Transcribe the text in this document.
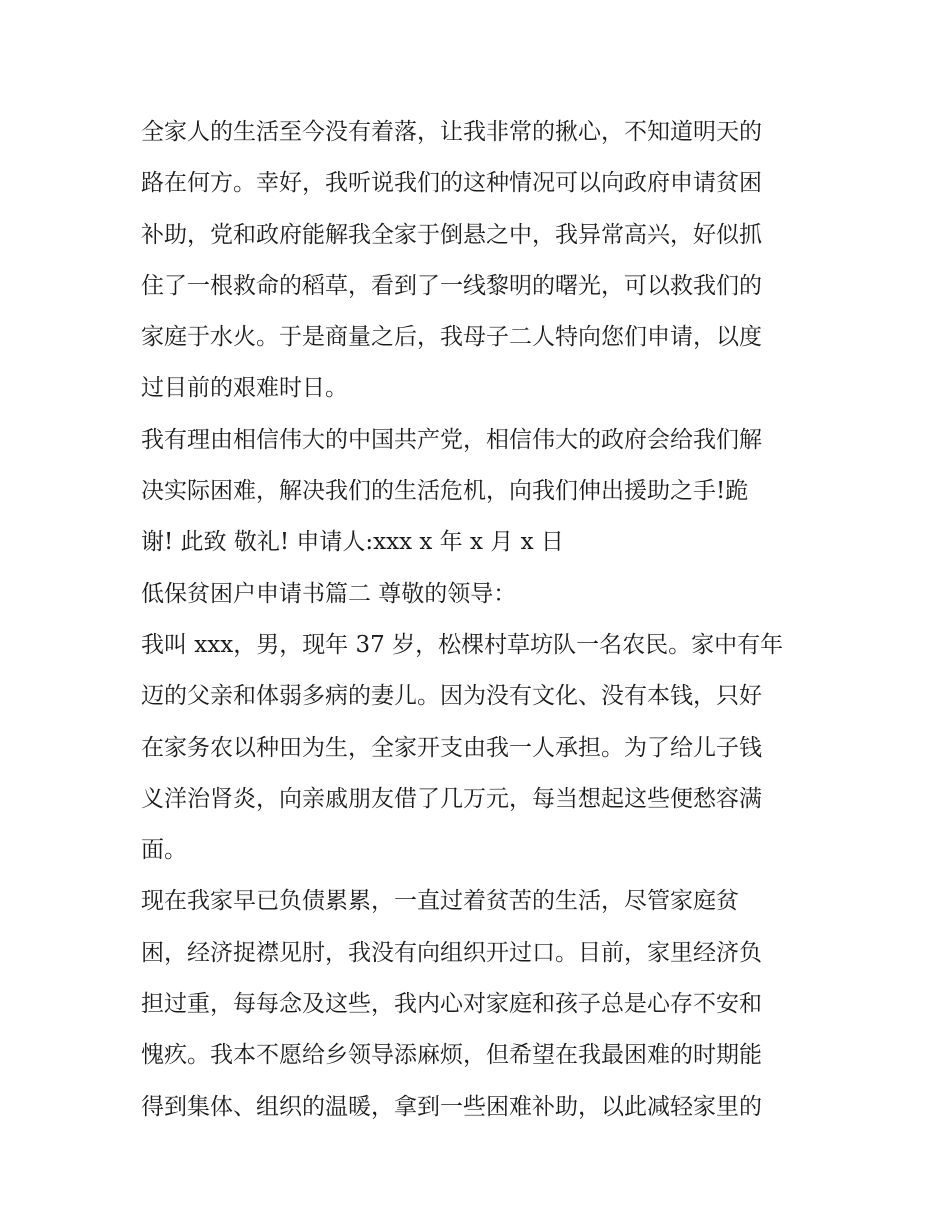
全家人的生活至今没有着落，让我非常的揪心，不知道明天的
路在何方。幸好，我听说我们的这种情况可以向政府申请贫困
补助，党和政府能解我全家于倒悬之中，我异常高兴，好似抓
住了一根救命的稻草，看到了一线黎明的曙光，可以救我们的
家庭于水火。于是商量之后，我母子二人特向您们申请，以度
过目前的艰难时日。
我有理由相信伟大的中国共产党，相信伟大的政府会给我们解
决实际困难，解决我们的生活危机，向我们伸出援助之手!跪
谢! 此致 敬礼! 申请人:xxx x 年 x 月 x 日
低保贫困户申请书篇二 尊敬的领导：
我叫 xxx，男，现年 37 岁，松棵村草坊队一名农民。家中有年
迈的父亲和体弱多病的妻儿。因为没有文化、没有本钱，只好
在家务农以种田为生，全家开支由我一人承担。为了给儿子钱
义洋治肾炎，向亲戚朋友借了几万元，每当想起这些便愁容满
面。
现在我家早已负债累累，一直过着贫苦的生活，尽管家庭贫
困，经济捉襟见肘，我没有向组织开过口。目前，家里经济负
担过重，每每念及这些，我内心对家庭和孩子总是心存不安和
愧疚。我本不愿给乡领导添麻烦，但希望在我最困难的时期能
得到集体、组织的温暖，拿到一些困难补助，以此减轻家里的
